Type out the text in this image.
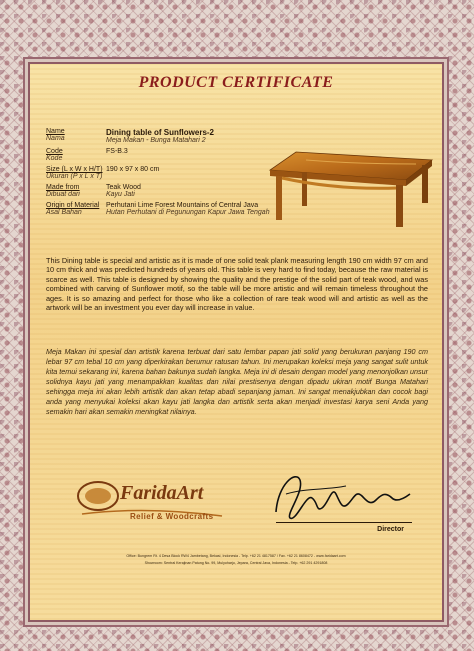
PRODUCT CERTIFICATE
Name
Nama
Dining table of Sunflowers-2
Meja Makan - Bunga Matahari 2
Code
Kode
FS-B.3
Size (L x W x H/T)
Ukuran (P x L x T)
190 x 97 x 80 cm
Made from
Dibuat dari
Teak Wood
Kayu Jati
Origin of Material
Asal Bahan
Perhutani Lime Forest Mountains of Central Java
Hutan Perhutani di Pegunungan Kapur Jawa Tengah
This Dining table is special and artistic as it is made of one solid teak plank measuring length 190 cm width 97 cm and 10 cm thick and was predicted hundreds of years old. This table is very hard to find today, because the raw material is scarce as well. This table is designed by showing the quality and the prestige of the solid part of teak wood, and was combined with carving of Sunflower motif, so the table will be more artistic and will remain timeless throughout the ages. It is so amazing and perfect for those who like a collection of rare teak wood will and artistic as well as the artwork will be an investment you ever day will increase in value.
Meja Makan ini spesial dan artistik karena terbuat dari satu lembar papan jati solid yang berukuran panjang 190 cm lebar 97 cm tebal 10 cm yang diperkirakan berumur ratusan tahun. Ini merupakan koleksi meja yang sangat sulit untuk kita temui sekarang ini, karena bahan bakunya sudah langka. Meja ini di desain dengan model yang menonjolkan unsur solidnya kayu jati yang menampakkan kualitas dan nilai prestisenya dengan dipadu ukiran motif Bunga Matahari sehingga meja ini akan lebih artistik dan akan tetap abadi sepanjang jaman. Ini sangat menakjubkan dan cocok bagi anda yang menyukai koleksi akan kayu jati langka dan artistik serta akan menjadi investasi karya seni Anda yang semakin hari akan semakin meningkat nilainya.
FaridaArt
Relief & Woodcrafts
Director
Office: Bungrem Rt. 4 Desa Block RW4 Jambetang, Bekasi, Indonesia - Telp. +62 21 4817587 / Fax. +62 21 8608472 - www.faridaart.com
Showroom: Sentral Kerajinan Patung No. 99, Mulyoharjo, Jepara, Central Java, Indonesia - Telp. +62 291 4291808
